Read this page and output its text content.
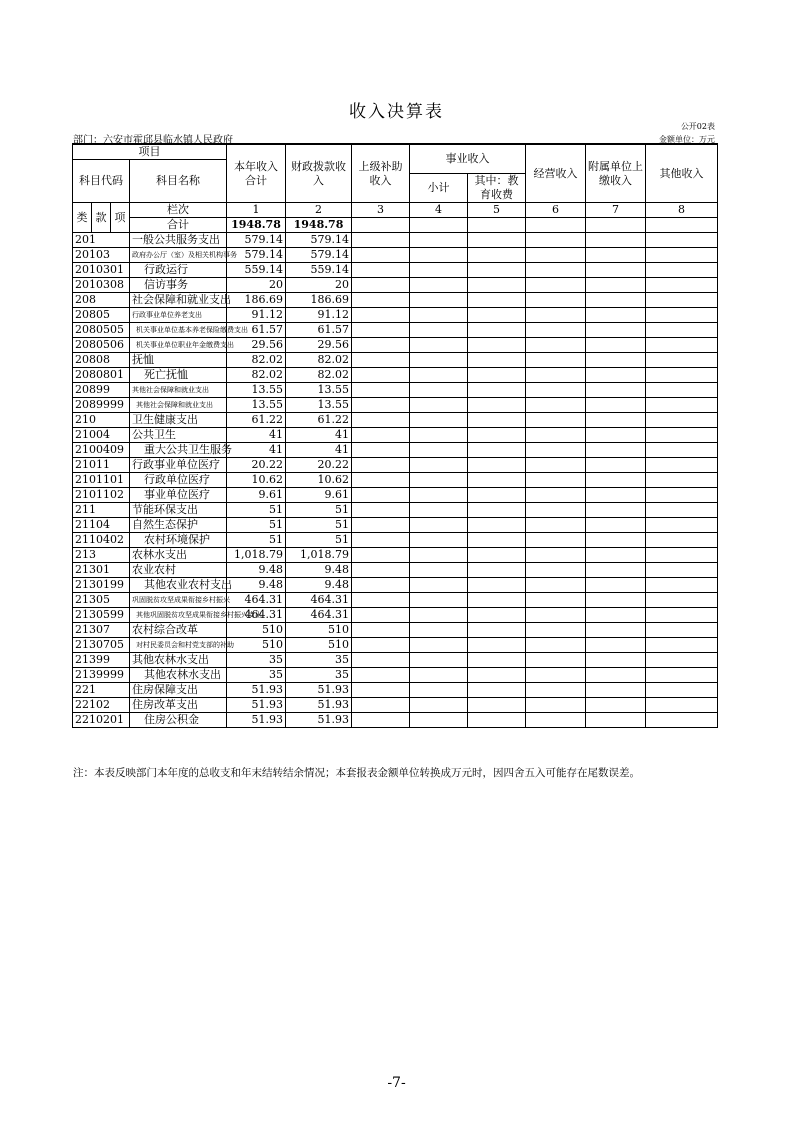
收入决算表
公开02表
部门：六安市霍邱县临水镇人民政府	金额单位：万元
项目				本年收入合计	财政拨款收入	上级补助收入	事业收入		经营收入	附属单位上缴收入	其他收入
科目代码			科目名称								
							小计	其中：教育收费			
类	款	项	栏次	1	2	3	4	5	6	7	8
			合计	1948.78	1948.78						
201			一般公共服务支出	579.14	579.14						
20103			政府办公厅（室）及相关机构事务	579.14	579.14						
2010301			行政运行	559.14	559.14						
2010308			信访事务	20	20						
208			社会保障和就业支出	186.69	186.69						
20805			行政事业单位养老支出	91.12	91.12						
2080505			机关事业单位基本养老保险缴费支出	61.57	61.57						
2080506			机关事业单位职业年金缴费支出	29.56	29.56						
20808			抚恤	82.02	82.02						
2080801			死亡抚恤	82.02	82.02						
20899			其他社会保障和就业支出	13.55	13.55						
2089999			其他社会保障和就业支出	13.55	13.55						
210			卫生健康支出	61.22	61.22						
21004			公共卫生	41	41						
2100409			重大公共卫生服务	41	41						
21011			行政事业单位医疗	20.22	20.22						
2101101			行政单位医疗	10.62	10.62						
2101102			事业单位医疗	9.61	9.61						
211			节能环保支出	51	51						
21104			自然生态保护	51	51						
2110402			农村环境保护	51	51						
213			农林水支出	1,018.79	1,018.79						
21301			农业农村	9.48	9.48						
2130199			其他农业农村支出	9.48	9.48						
21305			巩固脱贫攻坚成果衔接乡村振兴	464.31	464.31						
2130599			其他巩固脱贫攻坚成果衔接乡村振兴支出	464.31	464.31						
21307			农村综合改革	510	510						
2130705			对村民委员会和村党支部的补助	510	510						
21399			其他农林水支出	35	35						
2139999			其他农林水支出	35	35						
221			住房保障支出	51.93	51.93						
22102			住房改革支出	51.93	51.93						
2210201			住房公积金	51.93	51.93						
注：本表反映部门本年度的总收支和年末结转结余情况；本套报表金额单位转换成万元时，因四舍五入可能存在尾数误差。
-7-
